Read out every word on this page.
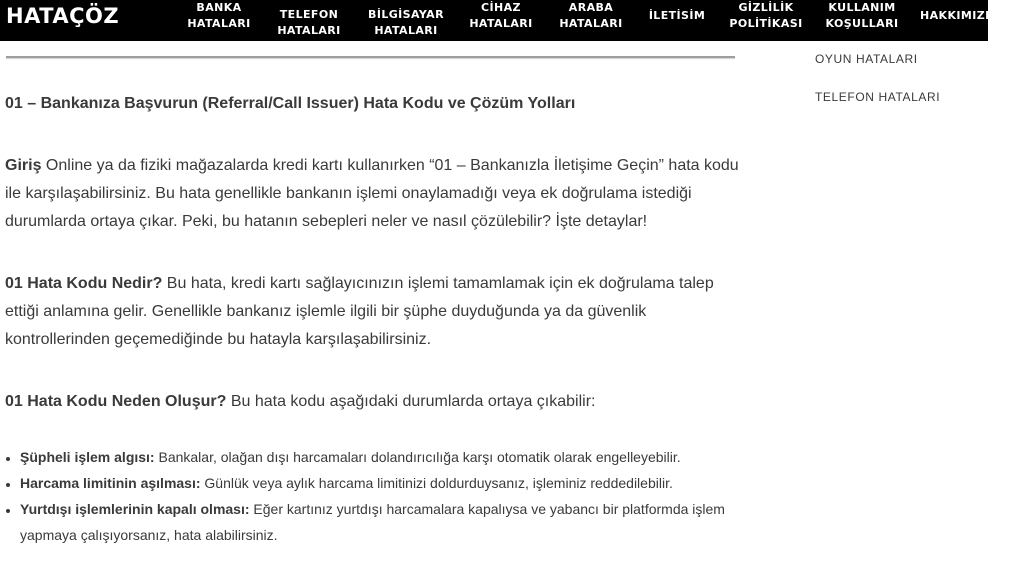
HATAÇÖZ	BANKA
HATALARI
TELEFON
HATALARI
BİLGİSAYAR
HATALARI
CİHAZ
HATALARI
ARABA
HATALARI
İLETİSİM
GİZLİLİK
POLİTİKASI
KULLANIM
KOŞULLARI
HAKKIMIZDA
01 – Bankanıza Başvurun (Referral/Call Issuer) Hata Kodu ve Çözüm Yolları

Giriş Online ya da fiziki mağazalarda kredi kartı kullanırken “01 – Bankanızla İletişime Geçin” hata kodu ile karşılaşabilirsiniz. Bu hata genellikle bankanın işlemi onaylamadığı veya ek doğrulama istediği durumlarda ortaya çıkar. Peki, bu hatanın sebepleri neler ve nasıl çözülebilir? İşte detaylar!

01 Hata Kodu Nedir? Bu hata, kredi kartı sağlayıcınızın işlemi tamamlamak için ek doğrulama talep ettiği anlamına gelir. Genellikle bankanız işlemle ilgili bir şüphe duyduğunda ya da güvenlik kontrollerinden geçemediğinde bu hatayla karşılaşabilirsiniz.

01 Hata Kodu Neden Oluşur? Bu hata kodu aşağıdaki durumlarda ortaya çıkabilir:

• Şüpheli işlem algısı: Bankalar, olağan dışı harcamaları dolandırıcılığa karşı otomatik olarak engelleyebilir.
• Harcama limitinin aşılması: Günlük veya aylık harcama limitinizi doldurduysanız, işleminiz reddedilebilir.
• Yurtdışı işlemlerinin kapalı olması: Eğer kartınız yurtdışı harcamalara kapalıysa ve yabancı bir platformda işlem yapmaya çalışıyorsanız, hata alabilirsiniz.
OYUN HATALARI
TELEFON HATALARI
